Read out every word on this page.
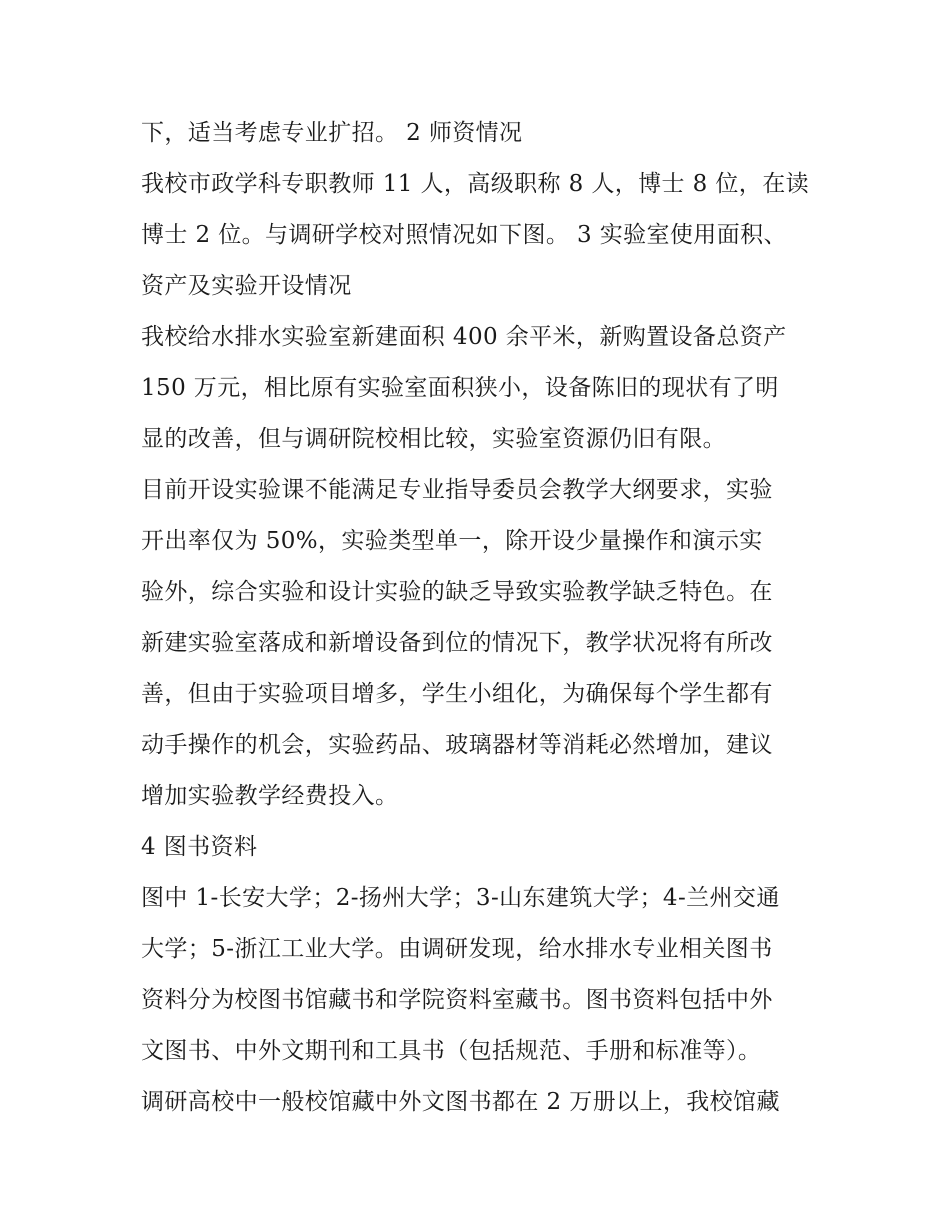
下，适当考虑专业扩招。 2 师资情况
我校市政学科专职教师 11 人，高级职称 8 人，博士 8 位，在读
博士 2 位。与调研学校对照情况如下图。 3 实验室使用面积、
资产及实验开设情况
我校给水排水实验室新建面积 400 余平米，新购置设备总资产
150 万元，相比原有实验室面积狭小，设备陈旧的现状有了明
显的改善，但与调研院校相比较，实验室资源仍旧有限。
目前开设实验课不能满足专业指导委员会教学大纲要求，实验
开出率仅为 50%，实验类型单一，除开设少量操作和演示实
验外，综合实验和设计实验的缺乏导致实验教学缺乏特色。在
新建实验室落成和新增设备到位的情况下，教学状况将有所改
善，但由于实验项目增多，学生小组化，为确保每个学生都有
动手操作的机会，实验药品、玻璃器材等消耗必然增加，建议
增加实验教学经费投入。
4 图书资料
图中 1-长安大学；2-扬州大学；3-山东建筑大学；4-兰州交通
大学；5-浙江工业大学。由调研发现，给水排水专业相关图书
资料分为校图书馆藏书和学院资料室藏书。图书资料包括中外
文图书、中外文期刊和工具书（包括规范、手册和标准等）。
调研高校中一般校馆藏中外文图书都在 2 万册以上，我校馆藏
